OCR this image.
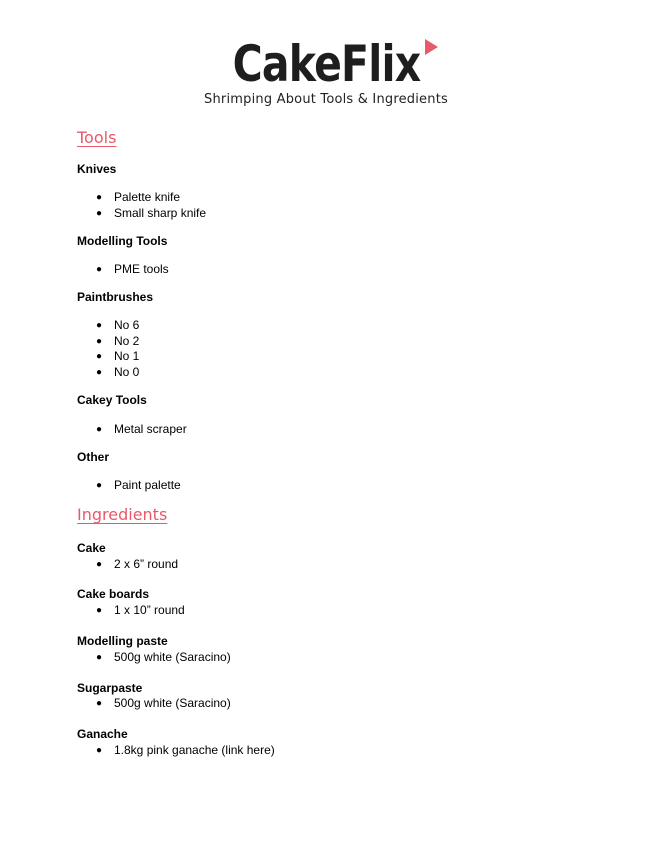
CakeFlix
Shrimping About Tools & Ingredients
Tools
Knives
● Palette knife
● Small sharp knife
Modelling Tools
● PME tools
Paintbrushes
● No 6
● No 2
● No 1
● No 0
Cakey Tools
● Metal scraper
Other
● Paint palette
Ingredients
Cake
● 2 x 6” round
Cake boards
● 1 x 10” round
Modelling paste
● 500g white (Saracino)
Sugarpaste
● 500g white (Saracino)
Ganache
● 1.8kg pink ganache (link here)
